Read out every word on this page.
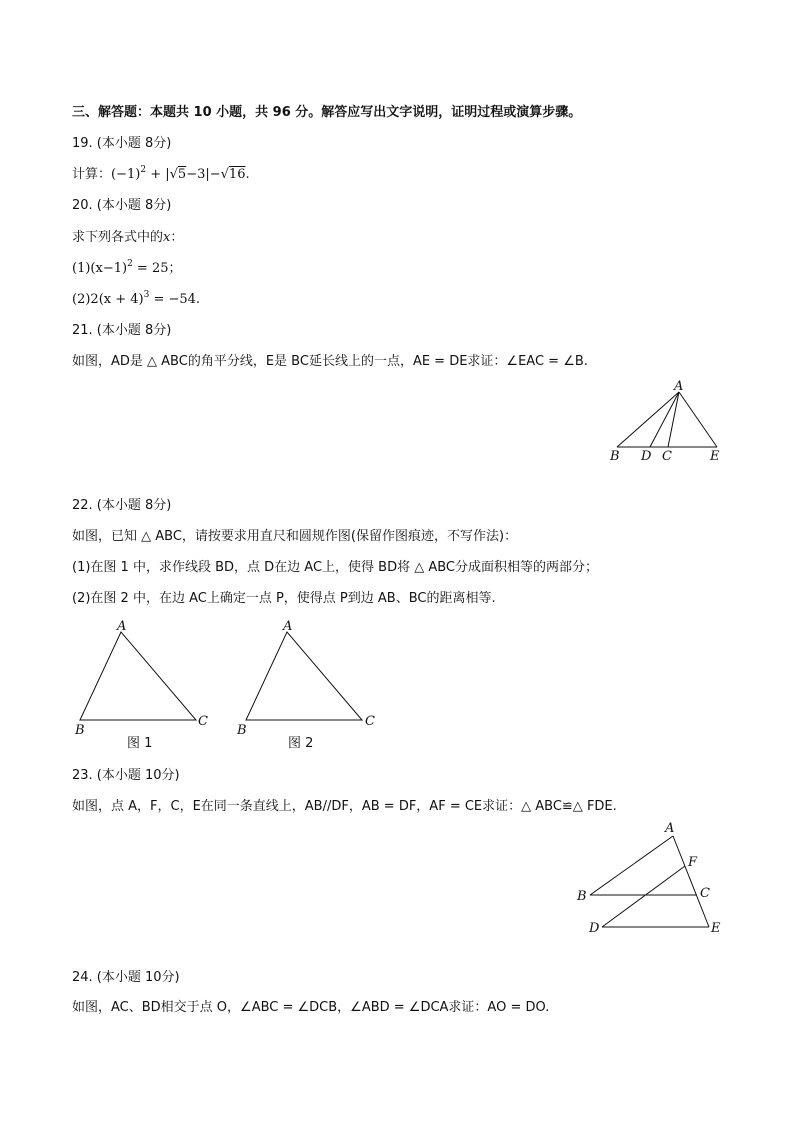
三、解答题：本题共 10 小题，共 96 分。解答应写出文字说明，证明过程或演算步骤。
19. (本小题 8分)
计算：$(-1)^2 + |√5-3|-√16$.
20. (本小题 8分)
求下列各式中的x：
$(1)(x-1)^2 = 25$；
$(2)2(x + 4)^3 = -54$.
21. (本小题 8分)
如图，AD是 △ ABC的角平分线，E是 BC延长线上的一点，AE = DE求证：∠EAC = ∠B.
A
B D C	E
22. (本小题 8分)
如图，已知 △ ABC，请按要求用直尺和圆规作图(保留作图痕迹，不写作法)：
(1)在图 1 中，求作线段 BD，点 D在边 AC上，使得 BD将 △ ABC分成面积相等的两部分；
(2)在图 2 中，在边 AC上确定一点 P，使得点 P到边 AB、BC的距离相等.
A
B
C
图 1
A
B
C
图 2
23. (本小题 10分)
如图，点 A，F，C，E在同一条直线上，AB//DF，AB = DF，AF = CE求证：△ ABC≌△ FDE.
A
F
B	C
D	E
24. (本小题 10分)
如图，AC、BD相交于点 O，∠ABC = ∠DCB，∠ABD = ∠DCA求证：AO = DO.
